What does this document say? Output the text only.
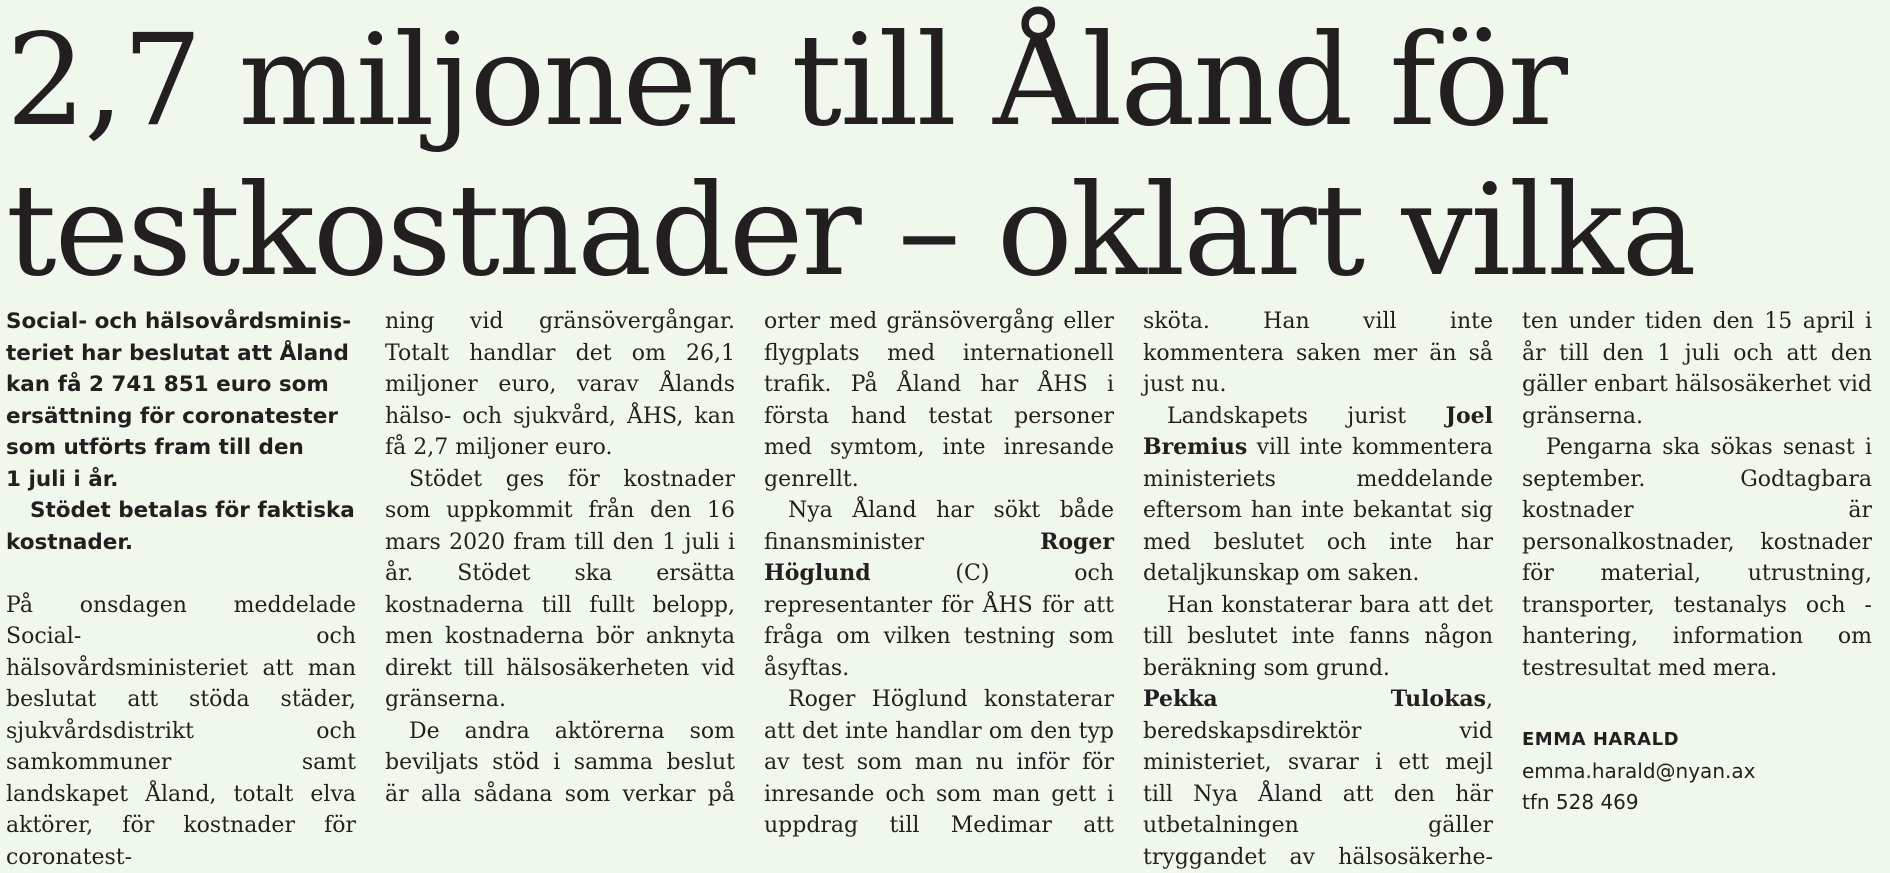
2,7 miljoner till Åland för
testkostnader – oklart vilka
Social- och hälsovårdsminis-
teriet har beslutat att Åland
kan få 2 741 851 euro som
ersättning för coronatester
som utförts fram till den
1 juli i år.
Stödet betalas för faktiska
kostnader.

På onsdagen meddelade Social- och hälsovårdsministeriet att man beslutat att stöda städer, sjukvårdsdistrikt och samkommuner samt landskapet Åland, totalt elva aktörer, för kostnader för coronatest-

ning vid gränsövergångar. Totalt handlar det om 26,1 miljoner euro, varav Ålands hälso- och sjukvård, ÅHS, kan få 2,7 miljoner euro.

Stödet ges för kostnader som uppkommit från den 16 mars 2020 fram till den 1 juli i år. Stödet ska ersätta kostnaderna till fullt belopp, men kostnaderna bör anknyta direkt till hälsosäkerheten vid gränserna.

De andra aktörerna som beviljats stöd i samma beslut är alla sådana som verkar på

orter med gränsövergång eller flygplats med internationell trafik. På Åland har ÅHS i första hand testat personer med symtom, inte inresande genrellt.

Nya Åland har sökt både finansminister Roger Höglund (C) och representanter för ÅHS för att fråga om vilken testning som åsyftas.

Roger Höglund konstaterar att det inte handlar om den typ av test som man nu inför för inresande och som man gett i uppdrag till Medimar att

sköta. Han vill inte kommentera saken mer än så just nu.

Landskapets jurist Joel Bremius vill inte kommentera ministeriets meddelande eftersom han inte bekantat sig med beslutet och inte har detaljkunskap om saken.

Han konstaterar bara att det till beslutet inte fanns någon beräkning som grund.

Pekka Tulokas, beredskapsdirektör vid ministeriet, svarar i ett mejl till Nya Åland att den här utbetalningen gäller tryggandet av hälsosäkerhe-

ten under tiden den 15 april i år till den 1 juli och att den gäller enbart hälsosäkerhet vid gränserna.

Pengarna ska sökas senast i september. Godtagbara kostnader är personalkostnader, kostnader för material, utrustning, transporter, testanalys och -hantering, information om testresultat med mera.

EMMA HARALD
emma.harald@nyan.ax
tfn 528 469
